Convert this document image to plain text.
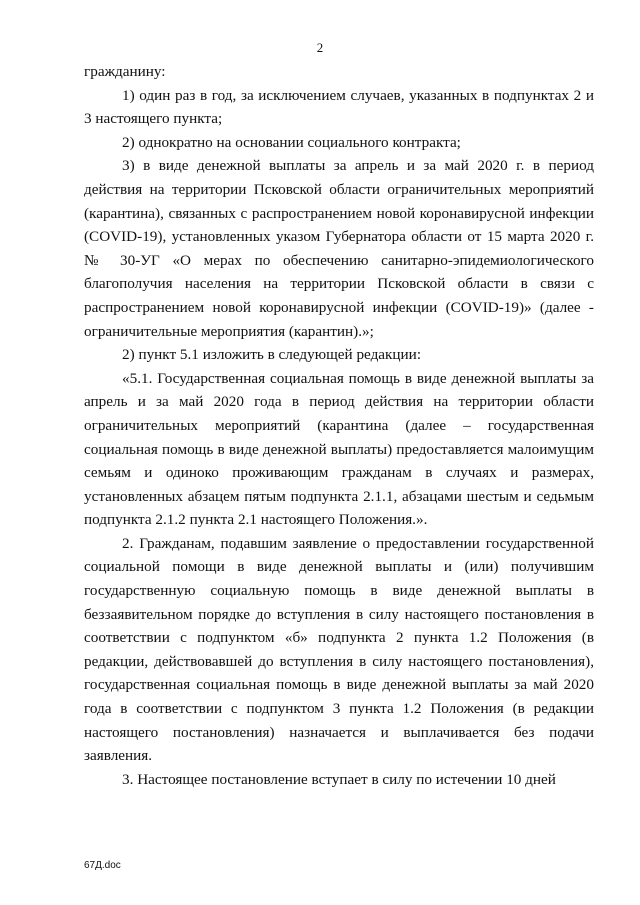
2

гражданину:

1) один раз в год, за исключением случаев, указанных в подпунктах 2 и 3 настоящего пункта;

2) однократно на основании социального контракта;

3) в виде денежной выплаты за апрель и за май 2020 г. в период действия на территории Псковской области ограничительных мероприятий (карантина), связанных с распространением новой коронавирусной инфекции (COVID-19), установленных указом Губернатора области от 15 марта 2020 г. № 30-УГ «О мерах по обеспечению санитарно-эпидемиологического благополучия населения на территории Псковской области в связи с распространением новой коронавирусной инфекции (COVID-19)» (далее - ограничительные мероприятия (карантин).»;

2) пункт 5.1 изложить в следующей редакции:

«5.1. Государственная социальная помощь в виде денежной выплаты за апрель и за май 2020 года в период действия на территории области ограничительных мероприятий (карантина (далее – государственная социальная помощь в виде денежной выплаты) предоставляется малоимущим семьям и одиноко проживающим гражданам в случаях и размерах, установленных абзацем пятым подпункта 2.1.1, абзацами шестым и седьмым подпункта 2.1.2 пункта 2.1 настоящего Положения.».

2. Гражданам, подавшим заявление о предоставлении государственной социальной помощи в виде денежной выплаты и (или) получившим государственную социальную помощь в виде денежной выплаты в беззаявительном порядке до вступления в силу настоящего постановления в соответствии с подпунктом «б» подпункта 2 пункта 1.2 Положения (в редакции, действовавшей до вступления в силу настоящего постановления), государственная социальная помощь в виде денежной выплаты за май 2020 года в соответствии с подпунктом 3 пункта 1.2 Положения (в редакции настоящего постановления) назначается и выплачивается без подачи заявления.

3. Настоящее постановление вступает в силу по истечении 10 дней

67Д.doc
